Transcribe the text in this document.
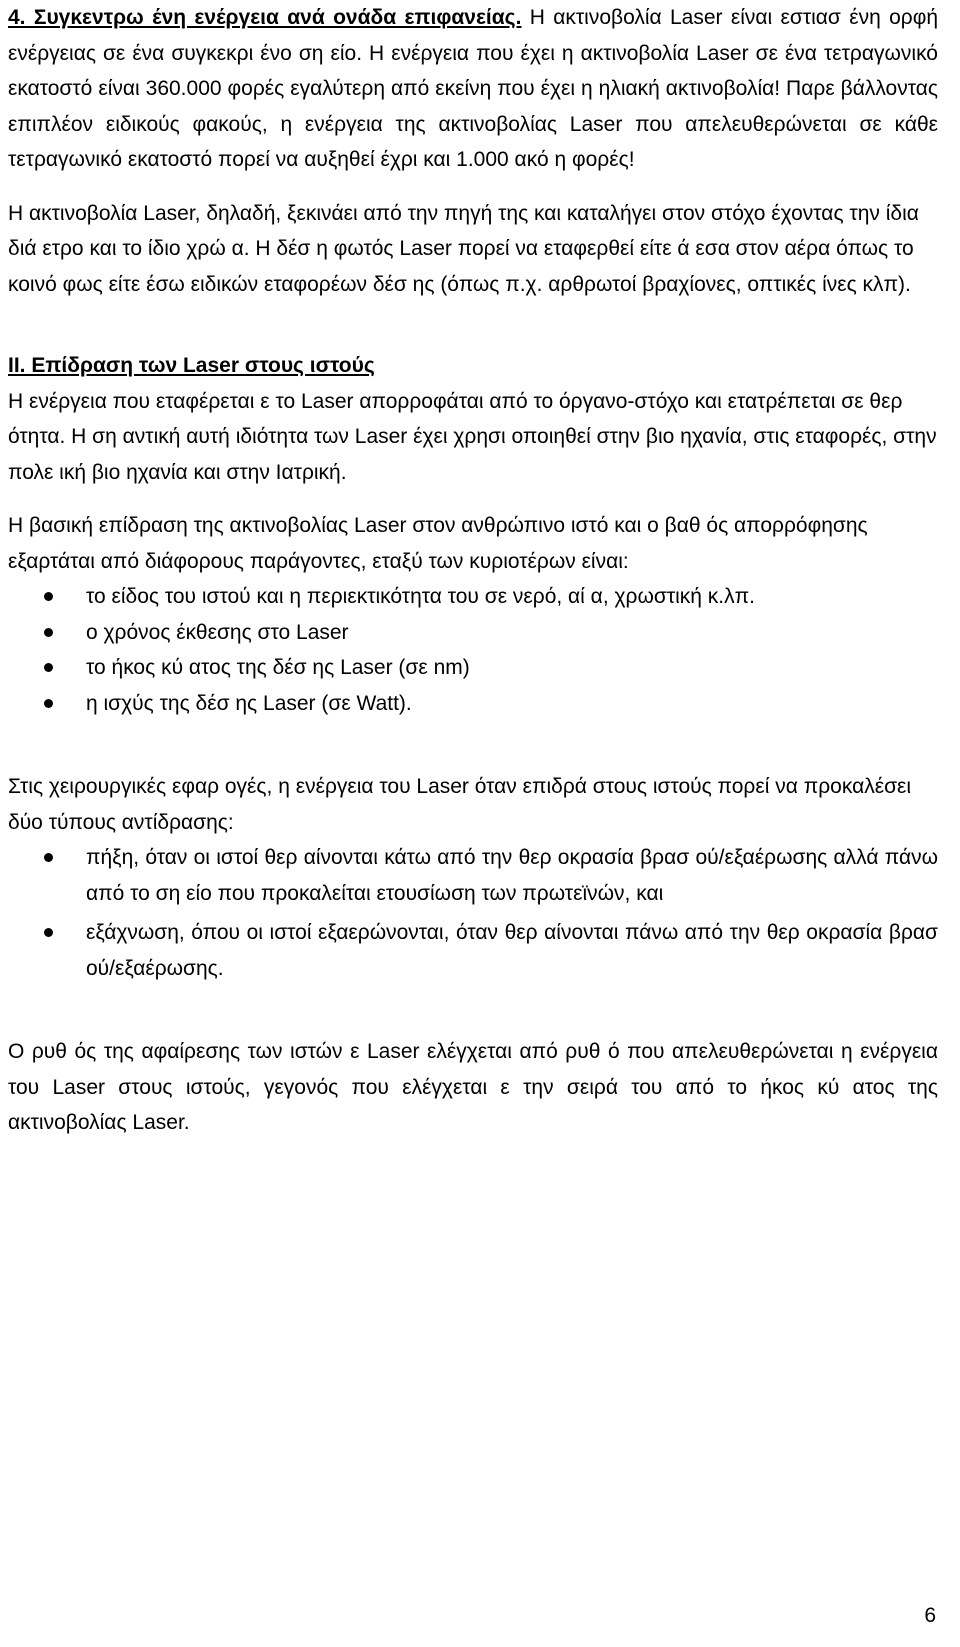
4. Συγκεντρω ένη ενέργεια ανά ονάδα επιφανείας. Η ακτινοβολία Laser είναι εστιασ ένη ορφή ενέργειας σε ένα συγκεκρι ένο ση είο. Η ενέργεια που έχει η ακτινοβολία Laser σε ένα τετραγωνικό εκατοστό είναι 360.000 φορές εγαλύτερη από εκείνη που έχει η ηλιακή ακτινοβολία! Παρε βάλλοντας επιπλέον ειδικούς φακούς, η ενέργεια της ακτινοβολίας Laser που απελευθερώνεται σε κάθε τετραγωνικό εκατοστό πορεί να αυξηθεί έχρι και 1.000 ακό η φορές!

Η ακτινοβολία Laser, δηλαδή, ξεκινάει από την πηγή της και καταλήγει στον στόχο έχοντας την ίδια διά ετρο και το ίδιο χρώ α. Η δέσ η φωτός Laser πορεί να εταφερθεί είτε ά εσα στον αέρα όπως το κοινό φως είτε έσω ειδικών εταφορέων δέσ ης (όπως π.χ. αρθρωτοί βραχίονες, οπτικές ίνες κλπ).

II. Επίδραση των Laser στους ιστούς

Η ενέργεια που εταφέρεται ε το Laser απορροφάται από το όργανο-στόχο και ετατρέπεται σε θερ ότητα. Η ση αντική αυτή ιδιότητα των Laser έχει χρησι οποιηθεί στην βιο ηχανία, στις εταφορές, στην πολε ική βιο ηχανία και στην Ιατρική.

Η βασική επίδραση της ακτινοβολίας Laser στον ανθρώπινο ιστό και ο βαθ ός απορρόφησης εξαρτάται από διάφορους παράγοντες, εταξύ των κυριοτέρων είναι:

το είδος του ιστού και η περιεκτικότητα του σε νερό, αί α, χρωστική κ.λπ.
ο χρόνος έκθεσης στο Laser
το ήκος κύ ατος της δέσ ης Laser (σε nm)
η ισχύς της δέσ ης Laser (σε Watt).

Στις χειρουργικές εφαρ ογές, η ενέργεια του Laser όταν επιδρά στους ιστούς πορεί να προκαλέσει δύο τύπους αντίδρασης:

πήξη, όταν οι ιστοί θερ αίνονται κάτω από την θερ οκρασία βρασ ού/εξαέρωσης αλλά πάνω από το ση είο που προκαλείται ετουσίωση των πρωτεϊνών, και
εξάχνωση, όπου οι ιστοί εξαερώνονται, όταν θερ αίνονται πάνω από την θερ οκρασία βρασ ού/εξαέρωσης.

Ο ρυθ ός της αφαίρεσης των ιστών ε Laser ελέγχεται από ρυθ ό που απελευθερώνεται η ενέργεια του Laser στους ιστούς, γεγονός που ελέγχεται ε την σειρά του από το ήκος κύ ατος της ακτινοβολίας Laser.

6
